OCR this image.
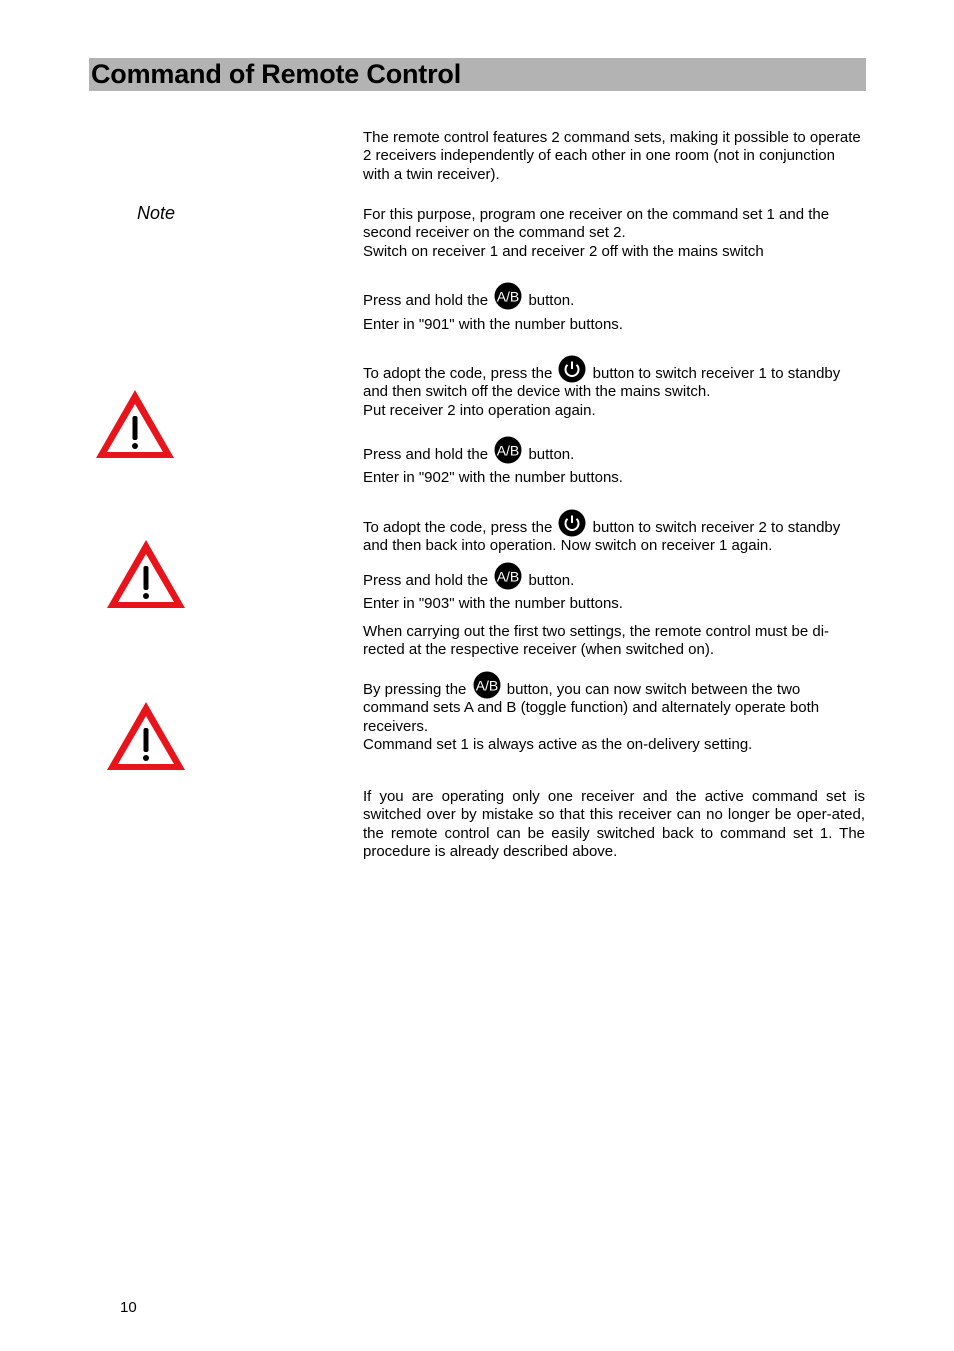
Command of Remote Control
Note

The remote control features 2 command sets, making it possible to operate 2 receivers independently of each other in one room (not in conjunction with a twin receiver).

For this purpose, program one receiver on the command set 1 and the second receiver on the command set 2.
Switch on receiver 1 and receiver 2 off with the mains switch
Press and hold the A/B button.

Enter in "901" with the number buttons.

To adopt the code, press the	button to switch receiver 1 to standby and then switch off the device with the mains switch.
Put receiver 2 into operation again.
Press and hold the A/B button.

Enter in "902" with the number buttons.

To adopt the code, press the	button to switch receiver 2 to standby and then back into operation. Now switch on receiver 1 again.
Press and hold the A/B button.

Enter in "903" with the number buttons.

When carrying out the first two settings, the remote control must be di-rected at the respective receiver (when switched on).

By pressing the A/B button, you can now switch between the two command sets A and B (toggle function) and alternately operate both receivers.
Command set 1 is always active as the on-delivery setting.

If you are operating only one receiver and the active command set is switched over by mistake so that this receiver can no longer be oper-ated, the remote control can be easily switched back to command set 1. The procedure is already described above.

10
